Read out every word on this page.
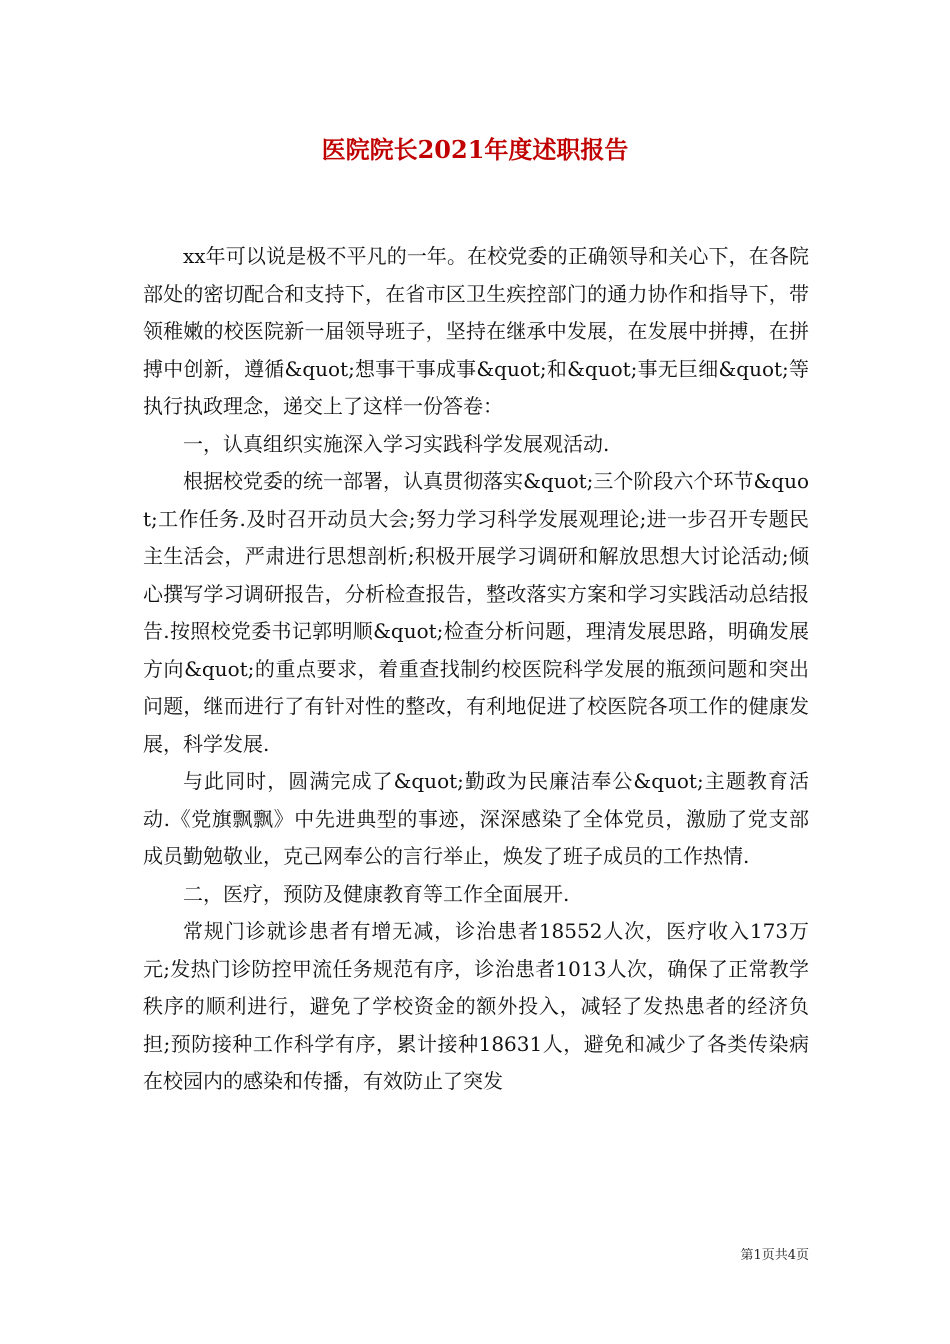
医院院长2021年度述职报告

xx年可以说是极不平凡的一年。在校党委的正确领导和关心下，在各院部处的密切配合和支持下，在省市区卫生疾控部门的通力协作和指导下，带领稚嫩的校医院新一届领导班子，坚持在继承中发展，在发展中拼搏，在拼搏中创新，遵循&quot;想事干事成事&quot;和&quot;事无巨细&quot;等执行执政理念，递交上了这样一份答卷：

一，认真组织实施深入学习实践科学发展观活动.

根据校党委的统一部署，认真贯彻落实&quot;三个阶段六个环节&quot;工作任务.及时召开动员大会;努力学习科学发展观理论;进一步召开专题民主生活会，严肃进行思想剖析;积极开展学习调研和解放思想大讨论活动;倾心撰写学习调研报告，分析检查报告，整改落实方案和学习实践活动总结报告.按照校党委书记郭明顺&quot;检查分析问题，理清发展思路，明确发展方向&quot;的重点要求，着重查找制约校医院科学发展的瓶颈问题和突出问题，继而进行了有针对性的整改，有利地促进了校医院各项工作的健康发展，科学发展.

与此同时，圆满完成了&quot;勤政为民廉洁奉公&quot;主题教育活动.《党旗飘飘》中先进典型的事迹，深深感染了全体党员，激励了党支部成员勤勉敬业，克己网奉公的言行举止，焕发了班子成员的工作热情.

二，医疗，预防及健康教育等工作全面展开.

常规门诊就诊患者有增无减，诊治患者18552人次，医疗收入173万元;发热门诊防控甲流任务规范有序，诊治患者1013人次，确保了正常教学秩序的顺利进行，避免了学校资金的额外投入，减轻了发热患者的经济负担;预防接种工作科学有序，累计接种18631人，避免和减少了各类传染病在校园内的感染和传播，有效防止了突发

第1页共4页
